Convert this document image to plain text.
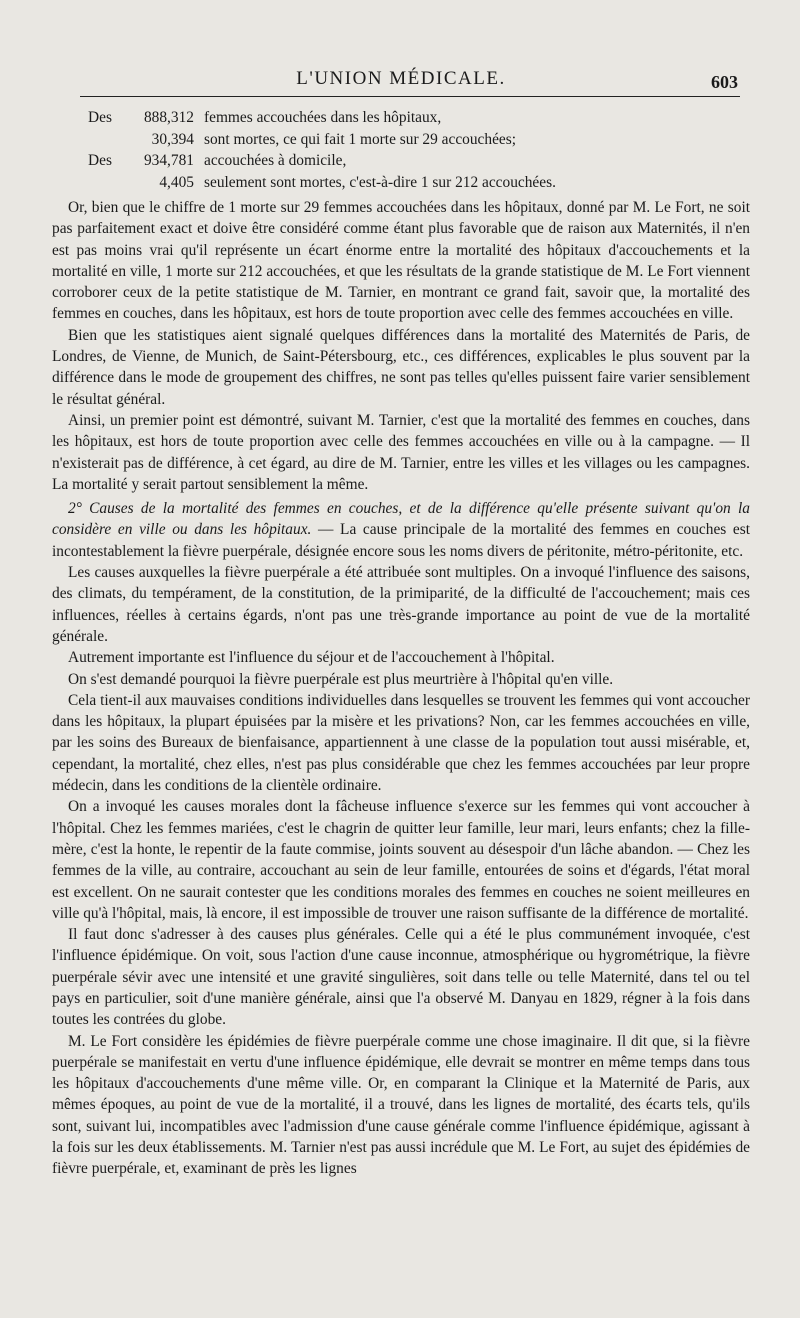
L'UNION MÉDICALE.	603
Des	888,312 femmes accouchées dans les hôpitaux,
30,394 sont mortes, ce qui fait 1 morte sur 29 accouchées;
Des	934,781 accouchées à domicile,
4,405 seulement sont mortes, c'est-à-dire 1 sur 212 accouchées.

Or, bien que le chiffre de 1 morte sur 29 femmes accouchées dans les hôpitaux, donné par M. Le Fort, ne soit pas parfaitement exact et doive être considéré comme étant plus favorable que de raison aux Maternités, il n'en est pas moins vrai qu'il représente un écart énorme entre la mortalité des hôpitaux d'accouchements et la mortalité en ville, 1 morte sur 212 accouchées, et que les résultats de la grande statistique de M. Le Fort viennent corroborer ceux de la petite statistique de M. Tarnier, en montrant ce grand fait, savoir que, la mortalité des femmes en couches, dans les hôpitaux, est hors de toute proportion avec celle des femmes accouchées en ville.

Bien que les statistiques aient signalé quelques différences dans la mortalité des Maternités de Paris, de Londres, de Vienne, de Munich, de Saint-Pétersbourg, etc., ces différences, explicables le plus souvent par la différence dans le mode de groupement des chiffres, ne sont pas telles qu'elles puissent faire varier sensiblement le résultat général.

Ainsi, un premier point est démontré, suivant M. Tarnier, c'est que la mortalité des femmes en couches, dans les hôpitaux, est hors de toute proportion avec celle des femmes accouchées en ville ou à la campagne. — Il n'existerait pas de différence, à cet égard, au dire de M. Tarnier, entre les villes et les villages ou les campagnes. La mortalité y serait partout sensiblement la même.

2° Causes de la mortalité des femmes en couches, et de la différence qu'elle présente suivant qu'on la considère en ville ou dans les hôpitaux. — La cause principale de la mortalité des femmes en couches est incontestablement la fièvre puerpérale, désignée encore sous les noms divers de péritonite, métro-péritonite, etc.

Les causes auxquelles la fièvre puerpérale a été attribuée sont multiples. On a invoqué l'influence des saisons, des climats, du tempérament, de la constitution, de la primiparité, de la difficulté de l'accouchement; mais ces influences, réelles à certains égards, n'ont pas une très-grande importance au point de vue de la mortalité générale.

Autrement importante est l'influence du séjour et de l'accouchement à l'hôpital.

On s'est demandé pourquoi la fièvre puerpérale est plus meurtrière à l'hôpital qu'en ville.

Cela tient-il aux mauvaises conditions individuelles dans lesquelles se trouvent les femmes qui vont accoucher dans les hôpitaux, la plupart épuisées par la misère et les privations? Non, car les femmes accouchées en ville, par les soins des Bureaux de bienfaisance, appartiennent à une classe de la population tout aussi misérable, et, cependant, la mortalité, chez elles, n'est pas plus considérable que chez les femmes accouchées par leur propre médecin, dans les conditions de la clientèle ordinaire.

On a invoqué les causes morales dont la fâcheuse influence s'exerce sur les femmes qui vont accoucher à l'hôpital. Chez les femmes mariées, c'est le chagrin de quitter leur famille, leur mari, leurs enfants; chez la fille-mère, c'est la honte, le repentir de la faute commise, joints souvent au désespoir d'un lâche abandon. — Chez les femmes de la ville, au contraire, accouchant au sein de leur famille, entourées de soins et d'égards, l'état moral est excellent. On ne saurait contester que les conditions morales des femmes en couches ne soient meilleures en ville qu'à l'hôpital, mais, là encore, il est impossible de trouver une raison suffisante de la différence de mortalité.

Il faut donc s'adresser à des causes plus générales. Celle qui a été le plus communément invoquée, c'est l'influence épidémique. On voit, sous l'action d'une cause inconnue, atmosphérique ou hygrométrique, la fièvre puerpérale sévir avec une intensité et une gravité singulières, soit dans telle ou telle Maternité, dans tel ou tel pays en particulier, soit d'une manière générale, ainsi que l'a observé M. Danyau en 1829, régner à la fois dans toutes les contrées du globe.

M. Le Fort considère les épidémies de fièvre puerpérale comme une chose imaginaire. Il dit que, si la fièvre puerpérale se manifestait en vertu d'une influence épidémique, elle devrait se montrer en même temps dans tous les hôpitaux d'accouchements d'une même ville. Or, en comparant la Clinique et la Maternité de Paris, aux mêmes époques, au point de vue de la mortalité, il a trouvé, dans les lignes de mortalité, des écarts tels, qu'ils sont, suivant lui, incompatibles avec l'admission d'une cause générale comme l'influence épidémique, agissant à la fois sur les deux établissements. M. Tarnier n'est pas aussi incrédule que M. Le Fort, au sujet des épidémies de fièvre puerpérale, et, examinant de près les lignes
